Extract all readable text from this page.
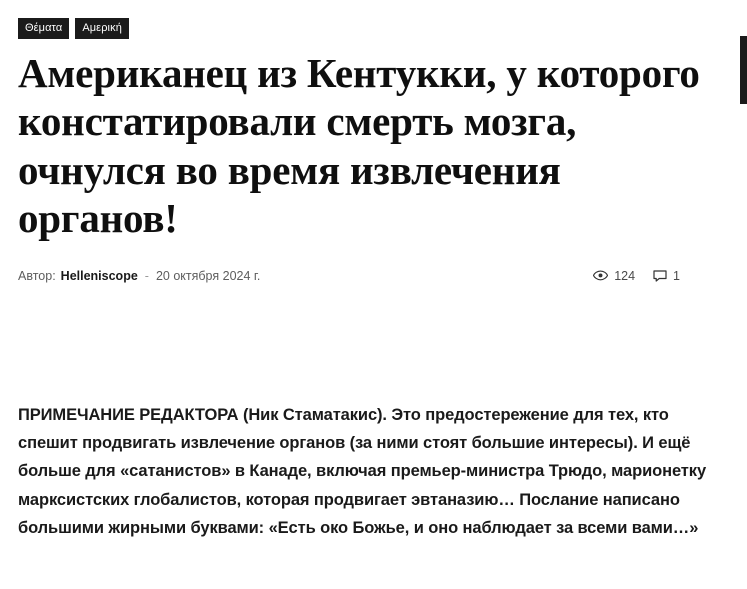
Θέματα	Αμερική
Американец из Кентукки, у которого констатировали смерть мозга, очнулся во время извлечения органов!
Автор: Helleniscope - 20 октября 2024 г.	124	1

ПРИМЕЧАНИЕ РЕДАКТОРА (Ник Стаматакис). Это предостережение для тех, кто спешит продвигать извлечение органов (за ними стоят большие интересы). И ещё больше для «сатанистов» в Канаде, включая премьер-министра Трюдо, марионетку марксистских глобалистов, которая продвигает эвтаназию… Послание написано большими жирными буквами: «Есть око Божье, и оно наблюдает за всеми вами…»
